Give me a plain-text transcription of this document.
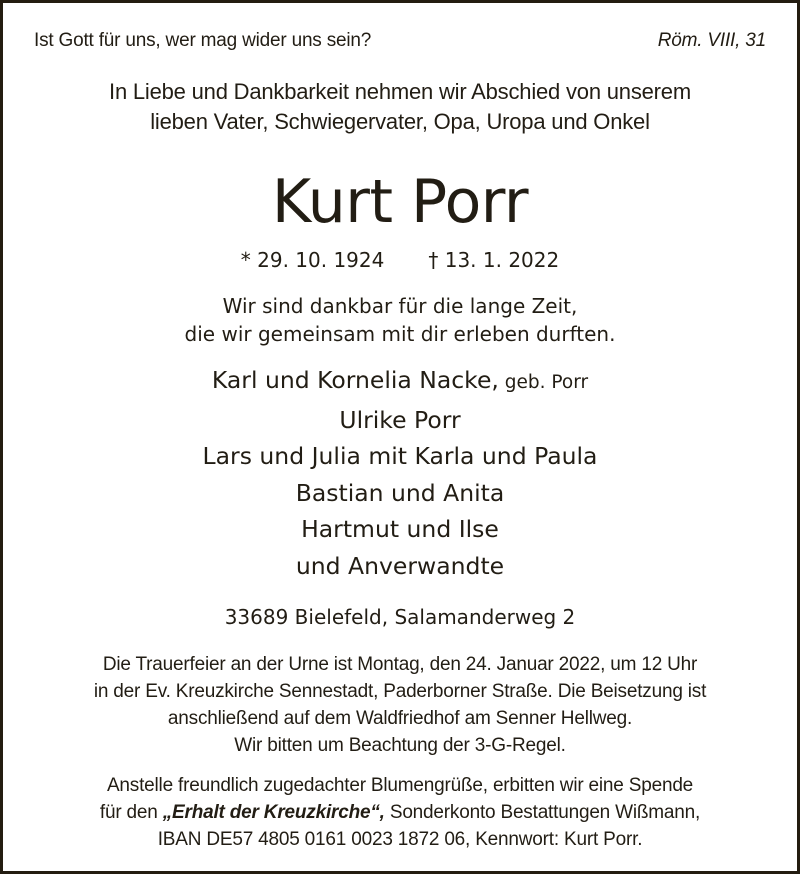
Ist Gott für uns, wer mag wider uns sein?	Röm. VIII, 31
In Liebe und Dankbarkeit nehmen wir Abschied von unserem
lieben Vater, Schwiegervater, Opa, Uropa und Onkel
Kurt Porr
* 29. 10. 1924 † 13. 1. 2022
Wir sind dankbar für die lange Zeit,
die wir gemeinsam mit dir erleben durften.
Karl und Kornelia Nacke, geb. Porr
Ulrike Porr
Lars und Julia mit Karla und Paula
Bastian und Anita
Hartmut und Ilse
und Anverwandte
33689 Bielefeld, Salamanderweg 2
Die Trauerfeier an der Urne ist Montag, den 24. Januar 2022, um 12 Uhr
in der Ev. Kreuzkirche Sennestadt, Paderborner Straße. Die Beisetzung ist
anschließend auf dem Waldfriedhof am Senner Hellweg.
Wir bitten um Beachtung der 3-G-Regel.
Anstelle freundlich zugedachter Blumengrüße, erbitten wir eine Spende
für den „Erhalt der Kreuzkirche“, Sonderkonto Bestattungen Wißmann,
IBAN DE57 4805 0161 0023 1872 06, Kennwort: Kurt Porr.
